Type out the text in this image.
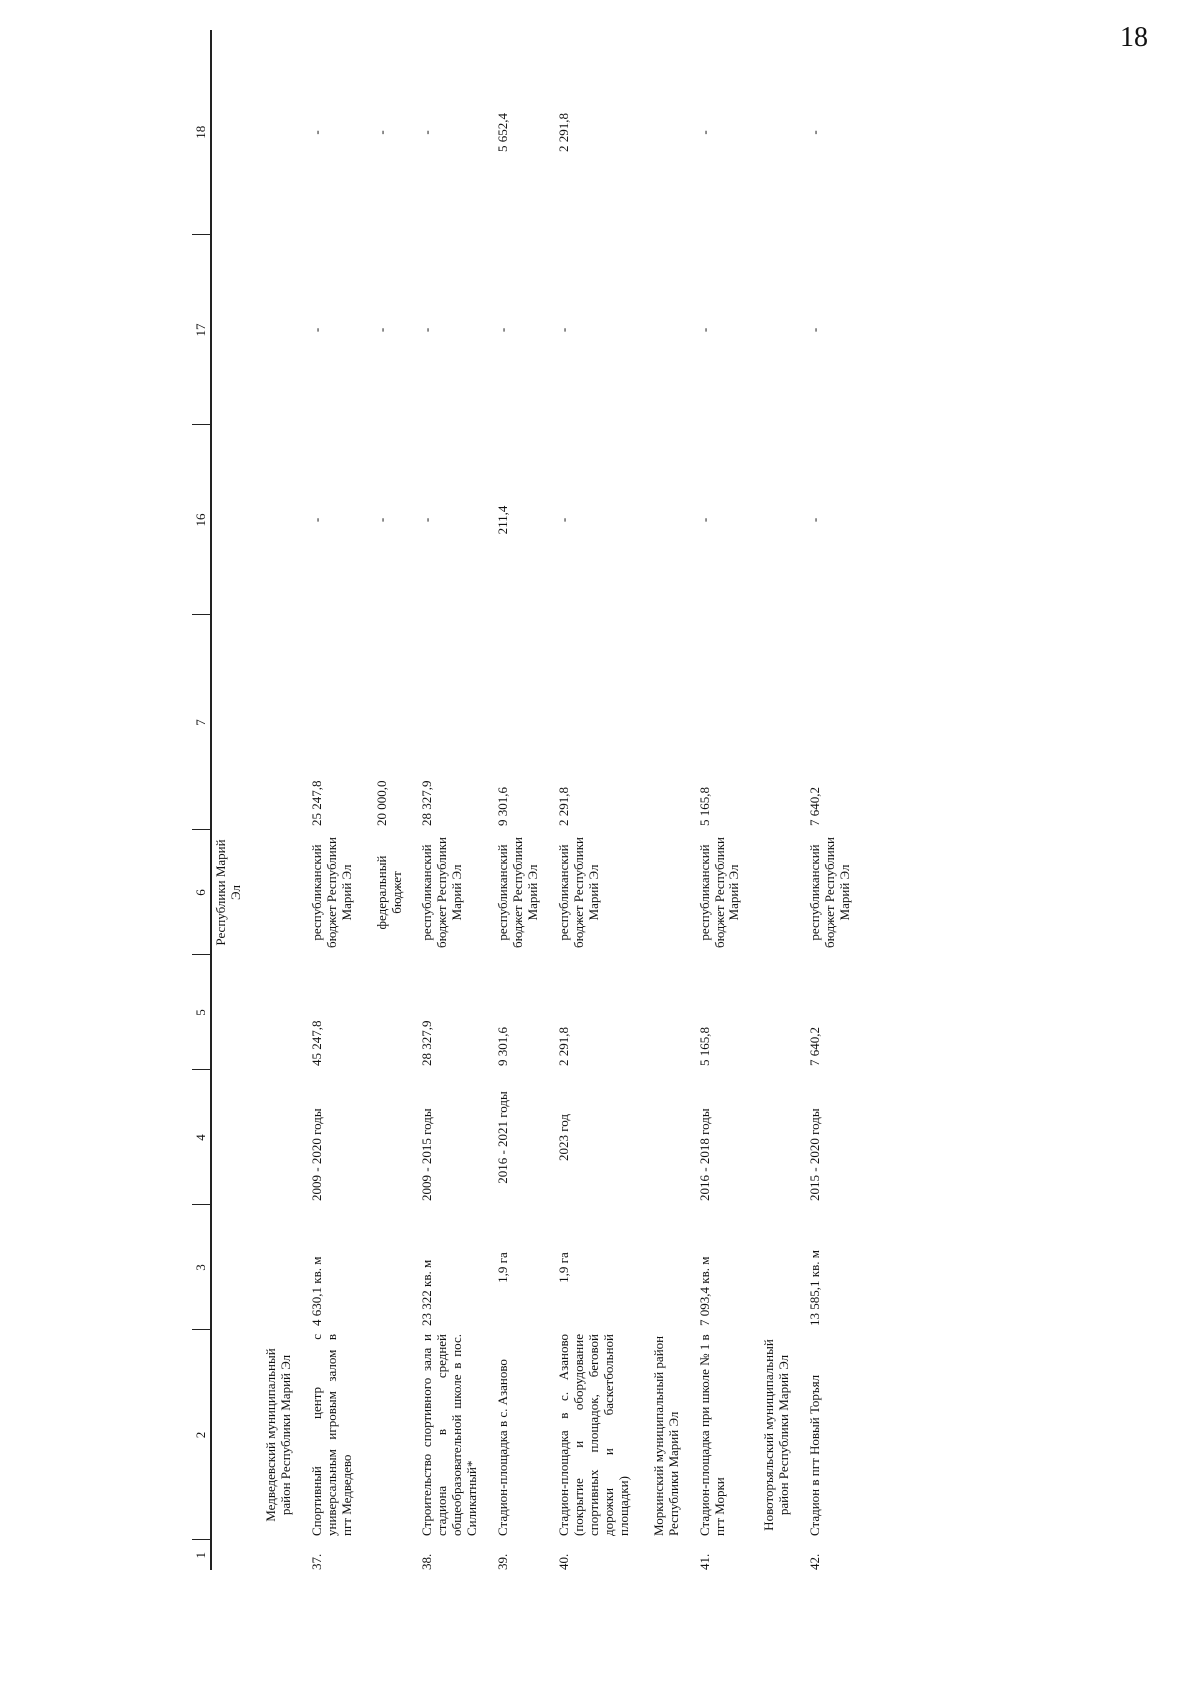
18
1	2	3	4	5	6	7	16	17	18
					Республики Марий Эл				
	Медведевский муниципальный район Республики Марий Эл								
37.	Спортивный центр с универсальным игровым залом в пгт Медведево	4 630,1 кв. м	2009 - 2020 годы	45 247,8	республиканский бюджет Республики Марий Эл	25 247,8	-	-	-
					федеральный бюджет	20 000,0	-	-	-
38.	Строительство спортивного зала и стадиона в средней общеобразовательной школе в пос. Силикатный*	23 322 кв. м	2009 - 2015 годы	28 327,9	республиканский бюджет Республики Марий Эл	28 327,9	-	-	-
39.	Стадион-площадка в с. Азаново	1,9 га	2016 - 2021 годы	9 301,6	республиканский бюджет Республики Марий Эл	9 301,6	211,4	-	5 652,4
40.	Стадион-площадка в с. Азаново (покрытие и оборудование спортивных площадок, беговой дорожки и баскетбольной площадки)	1,9 га	2023 год	2 291,8	республиканский бюджет Республики Марий Эл	2 291,8	-	-	2 291,8
	Моркинский муниципальный район Республики Марий Эл								
41.	Стадион-площадка при школе № 1 в пгт Морки	7 093,4 кв. м	2016 - 2018 годы	5 165,8	республиканский бюджет Республики Марий Эл	5 165,8	-	-	-
	Новоторъяльский муниципальный район Республики Марий Эл								
42.	Стадион в пгт Новый Торъял	13 585,1 кв. м	2015 - 2020 годы	7 640,2	республиканский бюджет Республики Марий Эл	7 640,2	-	-	-
